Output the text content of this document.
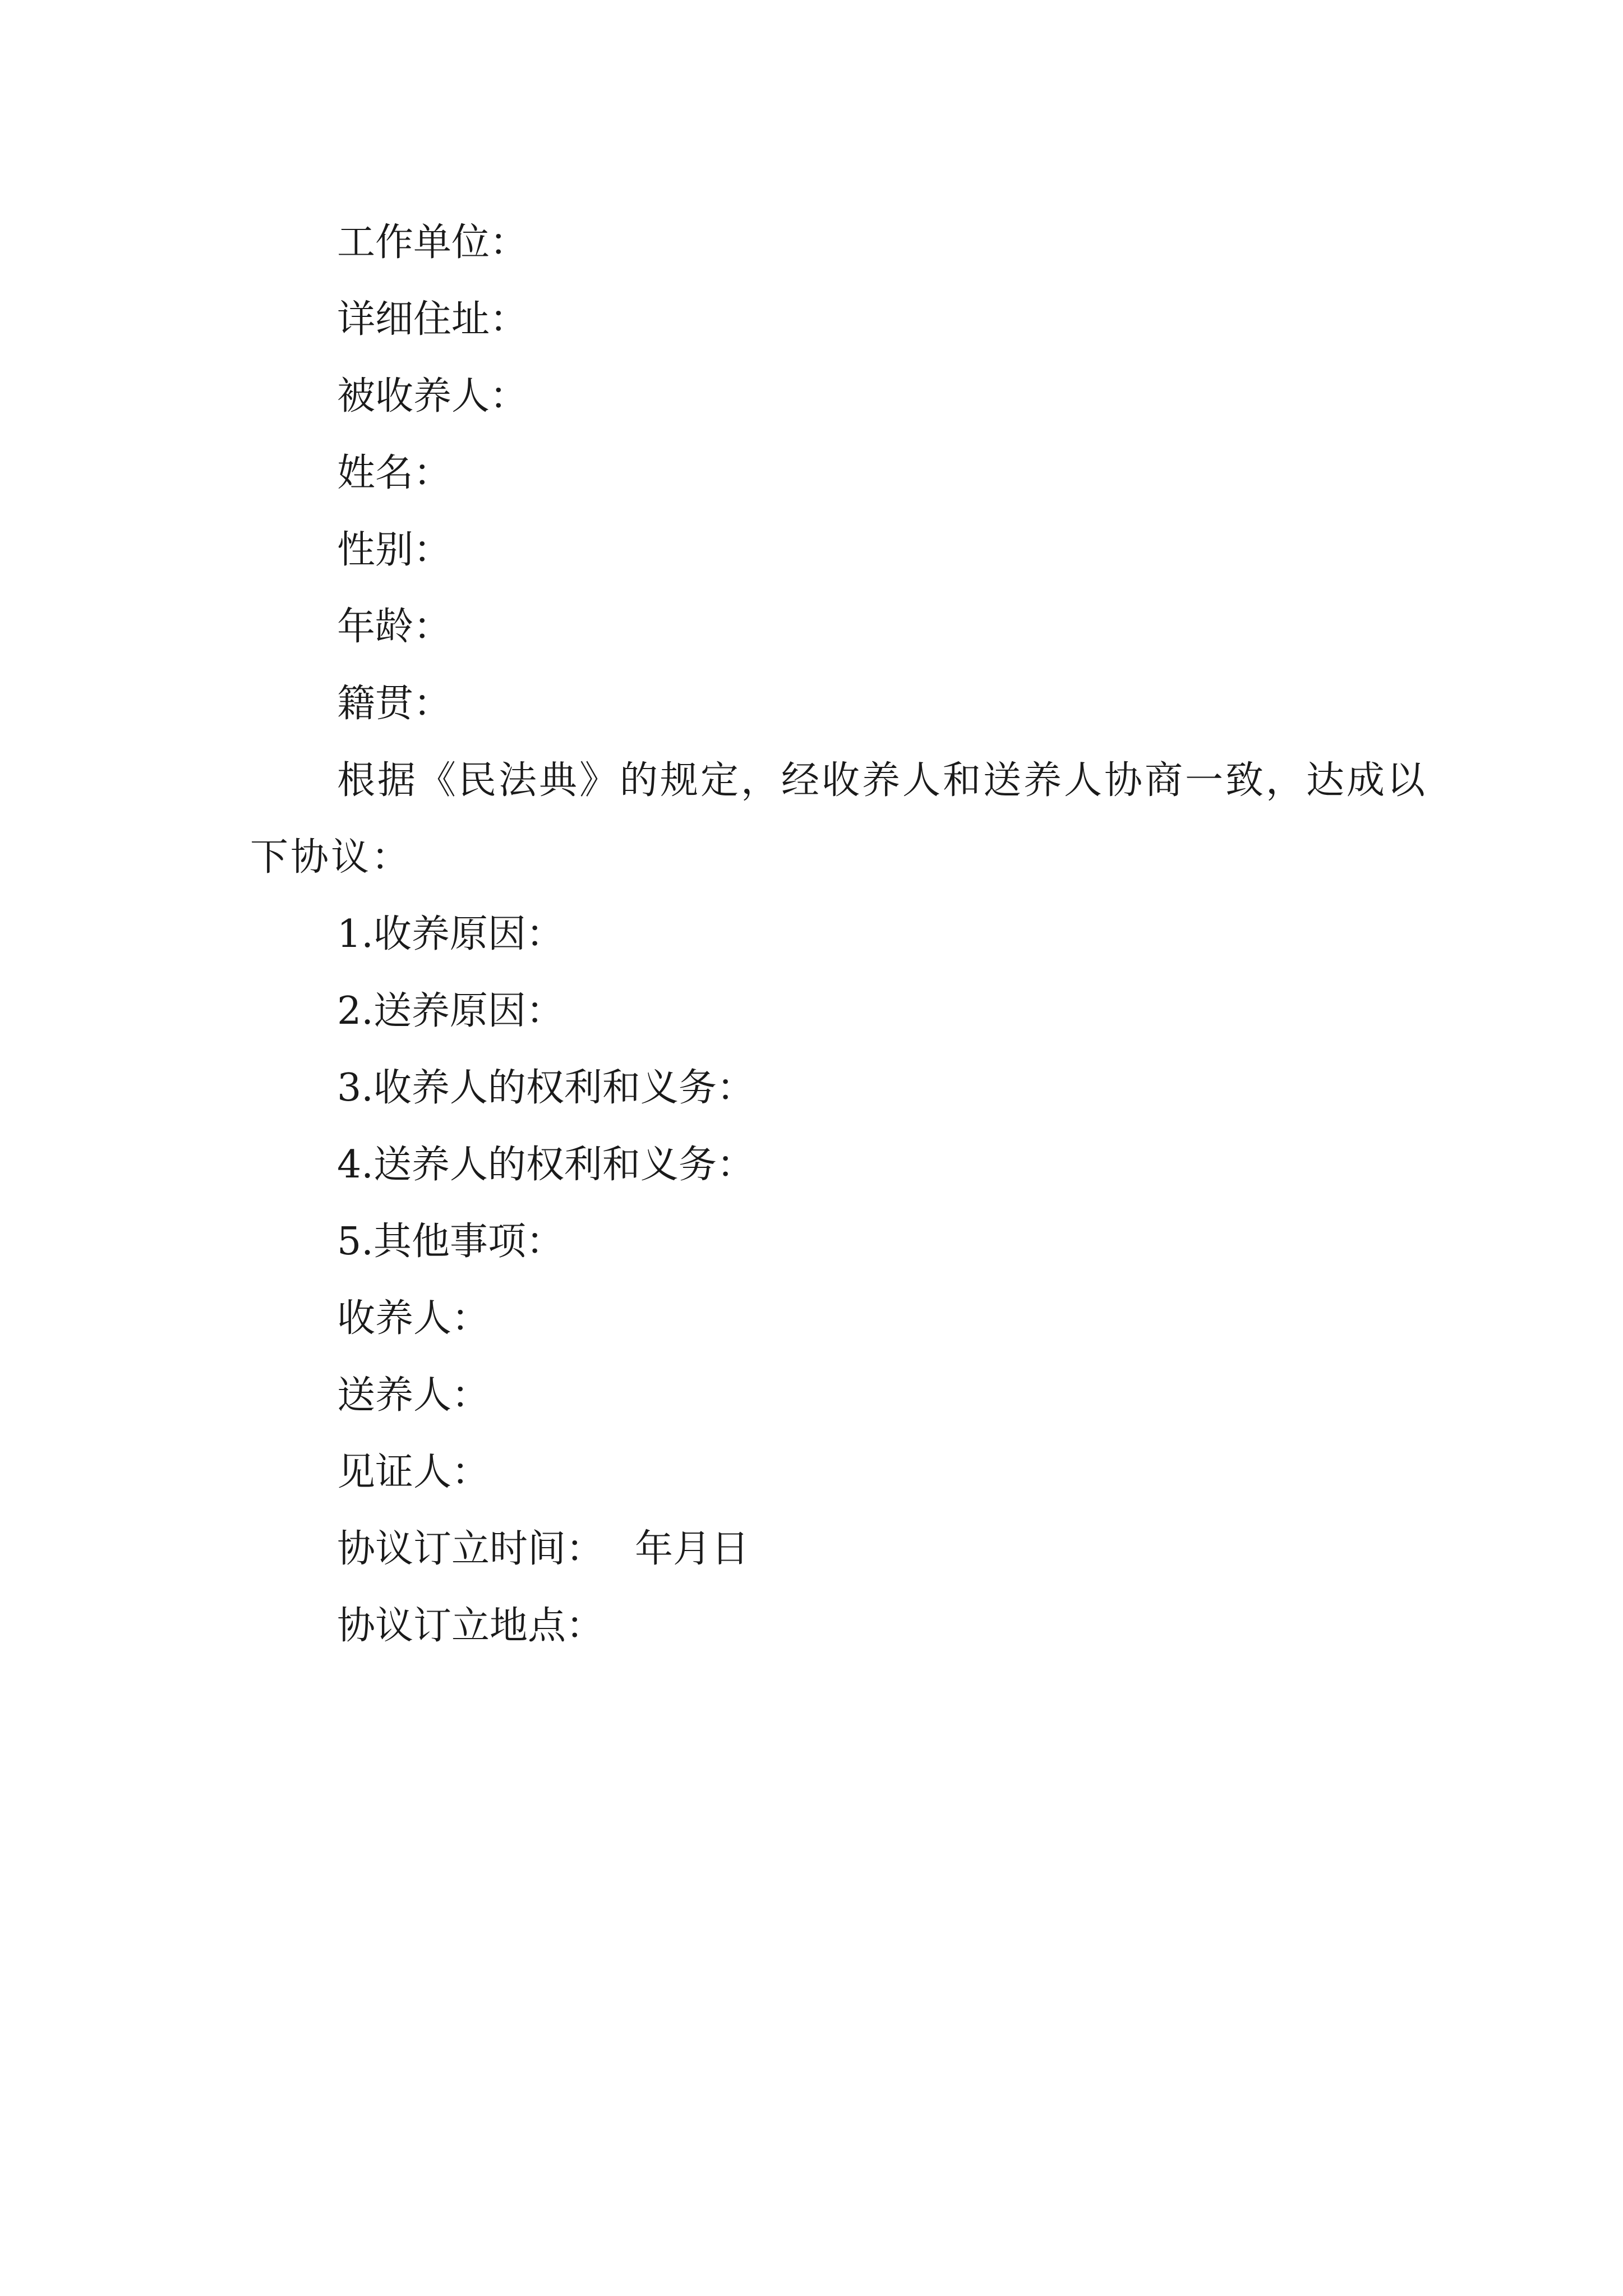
工作单位：

详细住址：

被收养人：

姓名：

性别：

年龄：

籍贯：

根据《民法典》的规定，经收养人和送养人协商一致，达成以下协议：

1.收养原因：

2.送养原因：

3.收养人的权利和义务：

4.送养人的权利和义务：

5.其他事项：

收养人：

送养人：

见证人：

协议订立时间： 年月日

协议订立地点：
